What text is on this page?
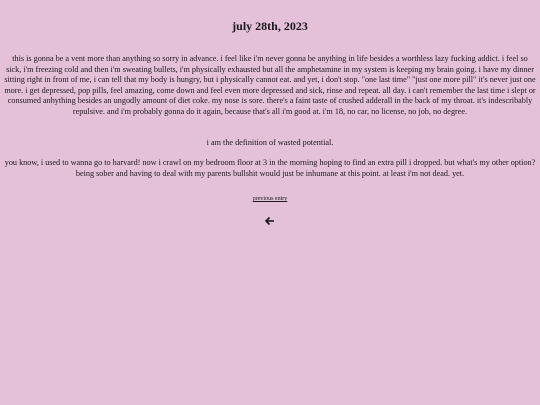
july 28th, 2023

this is gonna be a vent more than anything so sorry in advance. i feel like i'm never gonna be anything in life besides a worthless lazy fucking addict. i feel so sick, i'm freezing cold and then i'm sweating bullets, i'm physically exhausted but all the amphetamine in my system is keeping my brain going. i have my dinner sitting right in front of me, i can tell that my body is hungry, but i physically cannot eat. and yet, i don't stop. "one last time" "just one more pill" it's never just one more. i get depressed, pop pills, feel amazing, come down and feel even more depressed and sick, rinse and repeat. all day. i can't remember the last time i slept or consumed anhything besides an ungodly amount of diet coke. my nose is sore. there's a faint taste of crushed adderall in the back of my throat. it's indescribably repulsive. and i'm probably gonna do it again, because that's all i'm good at. i'm 18, no car, no license, no job, no degree.

i am the definition of wasted potential.

you know, i used to wanna go to harvard! now i crawl on my bedroom floor at 3 in the morning hoping to find an extra pill i dropped. but what's my other option? being sober and having to deal with my parents bullshit would just be inhumane at this point. at least i'm not dead. yet.

previous entry
